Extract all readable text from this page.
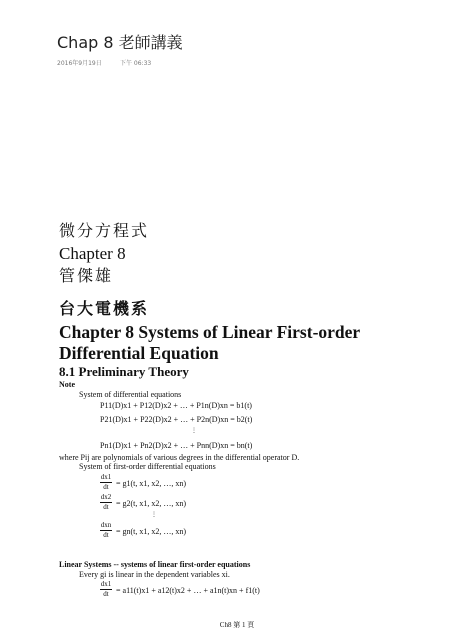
Chap 8 老師講義
2016年9月19日	下午 06:33
微分方程式
Chapter 8
管傑雄
台大電機系
Chapter 8 Systems of Linear First-order Differential Equation
8.1 Preliminary Theory
Note
System of differential equations
P11(D)x1 + P12(D)x2 + … + P1n(D)xn = b1(t)
P21(D)x1 + P22(D)x2 + … + P2n(D)xn = b2(t)
⋮
Pn1(D)x1 + Pn2(D)x2 + … + Pnn(D)xn = bn(t)
where Pij are polynomials of various degrees in the differential operator D.
System of first-order differential equations
dx1
dt = g1(t, x1, x2, …, xn)
dx2
dt = g2(t, x1, x2, …, xn)
⋮
dxn
dt = gn(t, x1, x2, …, xn)
Linear Systems -- systems of linear first-order equations
Every gi is linear in the dependent variables xi.
dx1
dt = a11(t)x1 + a12(t)x2 + … + a1n(t)xn + f1(t)
Ch8 第 1 頁
